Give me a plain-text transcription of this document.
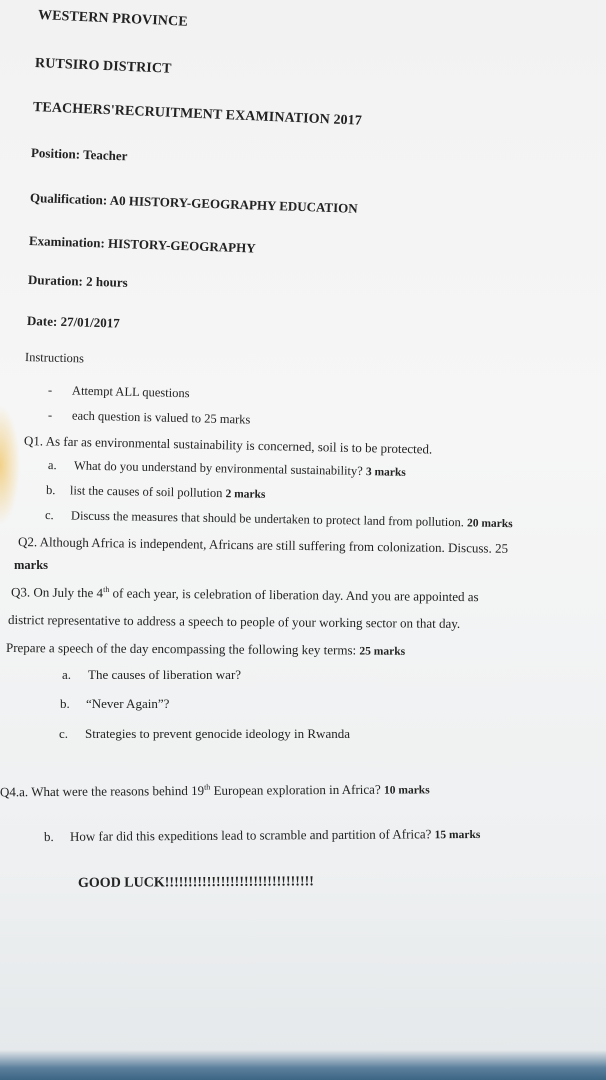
WESTERN PROVINCE
RUTSIRO DISTRICT
TEACHERS'RECRUITMENT EXAMINATION 2017
Position: Teacher
Qualification: A0 HISTORY-GEOGRAPHY EDUCATION
Examination: HISTORY-GEOGRAPHY
Duration: 2 hours
Date: 27/01/2017
Instructions
- Attempt ALL questions
- each question is valued to 25 marks
Q1. As far as environmental sustainability is concerned, soil is to be protected.
a. What do you understand by environmental sustainability? 3 marks
b. list the causes of soil pollution 2 marks
c. Discuss the measures that should be undertaken to protect land from pollution. 20 marks
Q2. Although Africa is independent, Africans are still suffering from colonization. Discuss. 25
marks
Q3. On July the 4th of each year, is celebration of liberation day. And you are appointed as
district representative to address a speech to people of your working sector on that day.
Prepare a speech of the day encompassing the following key terms: 25 marks
a. The causes of liberation war?
b. “Never Again”?
c. Strategies to prevent genocide ideology in Rwanda
Q4.a. What were the reasons behind 19th European exploration in Africa? 10 marks
b. How far did this expeditions lead to scramble and partition of Africa? 15 marks
GOOD LUCK!!!!!!!!!!!!!!!!!!!!!!!!!!!!!!!!
